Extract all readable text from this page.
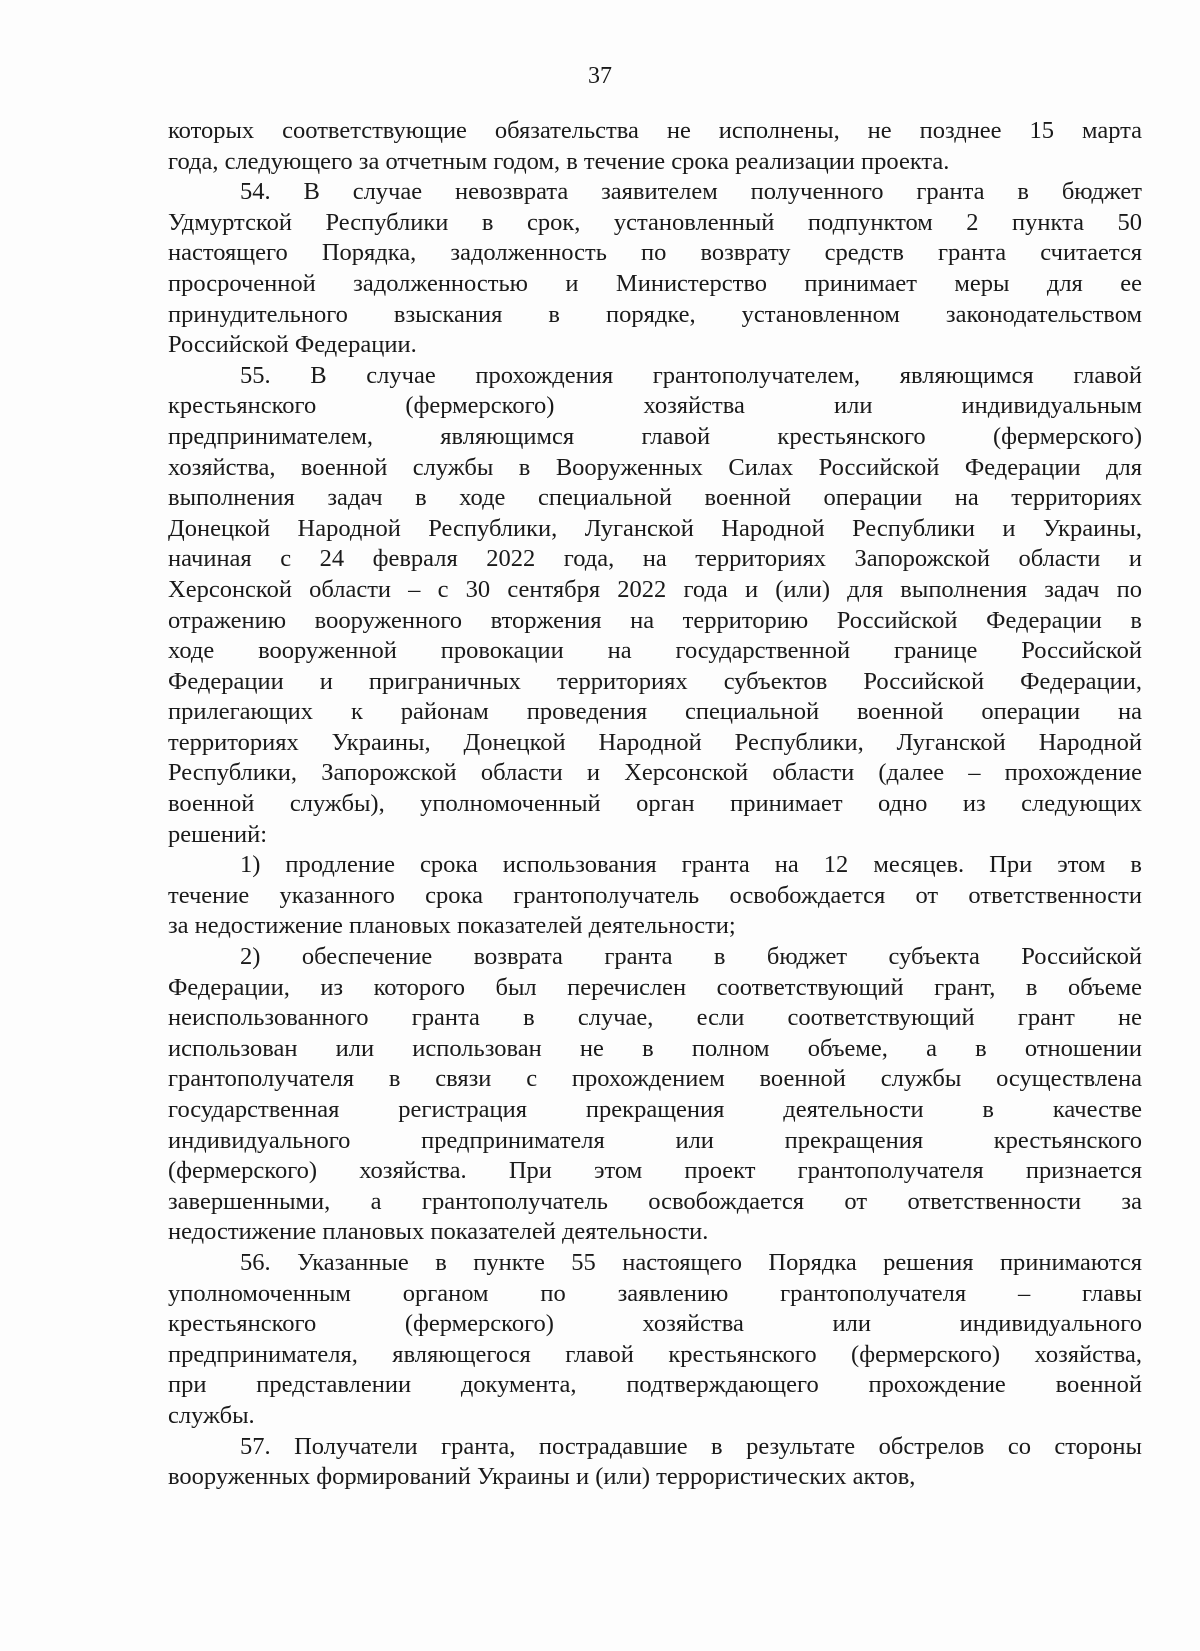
37
которых соответствующие обязательства не исполнены, не позднее 15 марта
года, следующего за отчетным годом, в течение срока реализации проекта.
54. В случае невозврата заявителем полученного гранта в бюджет
Удмуртской Республики в срок, установленный подпунктом 2 пункта 50
настоящего Порядка, задолженность по возврату средств гранта считается
просроченной задолженностью и Министерство принимает меры для ее
принудительного взыскания в порядке, установленном законодательством
Российской Федерации.
55. В случае прохождения грантополучателем, являющимся главой
крестьянского (фермерского) хозяйства или индивидуальным
предпринимателем, являющимся главой крестьянского (фермерского)
хозяйства, военной службы в Вооруженных Силах Российской Федерации для
выполнения задач в ходе специальной военной операции на территориях
Донецкой Народной Республики, Луганской Народной Республики и Украины,
начиная с 24 февраля 2022 года, на территориях Запорожской области и
Херсонской области – с 30 сентября 2022 года и (или) для выполнения задач по
отражению вооруженного вторжения на территорию Российской Федерации в
ходе вооруженной провокации на государственной границе Российской
Федерации и приграничных территориях субъектов Российской Федерации,
прилегающих к районам проведения специальной военной операции на
территориях Украины, Донецкой Народной Республики, Луганской Народной
Республики, Запорожской области и Херсонской области (далее – прохождение
военной службы), уполномоченный орган принимает одно из следующих
решений:
1) продление срока использования гранта на 12 месяцев. При этом в
течение указанного срока грантополучатель освобождается от ответственности
за недостижение плановых показателей деятельности;
2) обеспечение возврата гранта в бюджет субъекта Российской
Федерации, из которого был перечислен соответствующий грант, в объеме
неиспользованного гранта в случае, если соответствующий грант не
использован или использован не в полном объеме, а в отношении
грантополучателя в связи с прохождением военной службы осуществлена
государственная регистрация прекращения деятельности в качестве
индивидуального предпринимателя или прекращения крестьянского
(фермерского) хозяйства. При этом проект грантополучателя признается
завершенными, а грантополучатель освобождается от ответственности за
недостижение плановых показателей деятельности.
56. Указанные в пункте 55 настоящего Порядка решения принимаются
уполномоченным органом по заявлению грантополучателя – главы
крестьянского (фермерского) хозяйства или индивидуального
предпринимателя, являющегося главой крестьянского (фермерского) хозяйства,
при представлении документа, подтверждающего прохождение военной
службы.
57. Получатели гранта, пострадавшие в результате обстрелов со стороны
вооруженных формирований Украины и (или) террористических актов,
